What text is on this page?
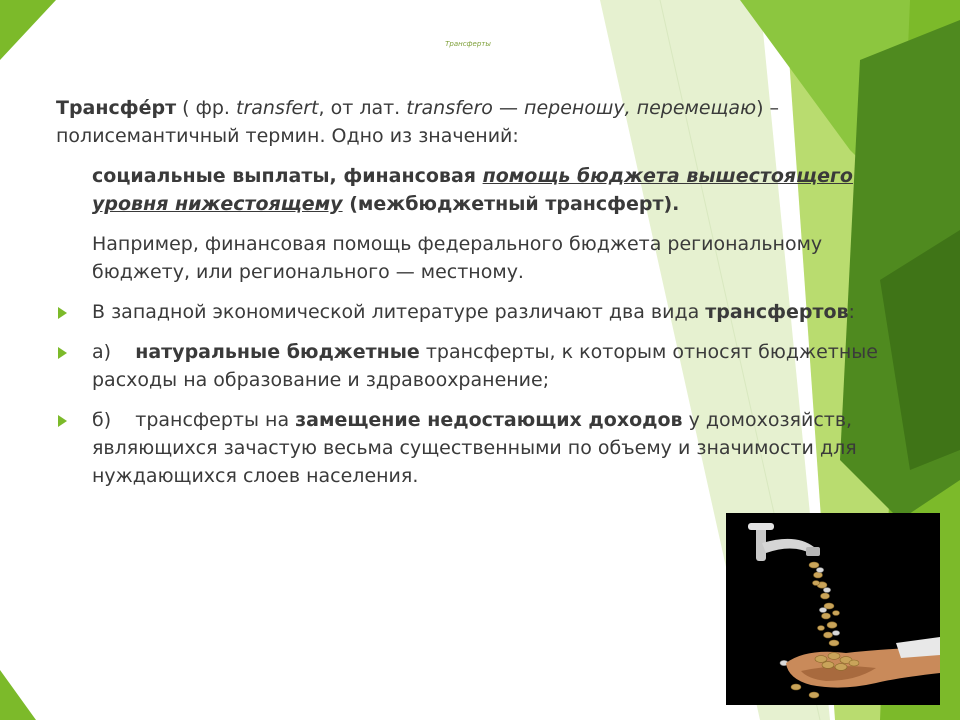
Трансферты

Трансфе́рт ( фр. transfert, от лат. transfero — переношу, перемещаю) – полисемантичный термин. Одно из значений:

социальные выплаты, финансовая помощь бюджета вышестоящего уровня нижестоящему (межбюджетный трансферт).

Например, финансовая помощь федерального бюджета региональному бюджету, или регионального — местному.

В западной экономической литературе различают два вида трансфертов:

а)    натуральные бюджетные трансферты, к которым относят бюджетные расходы на образование и здравоохранение;

б)    трансферты на замещение недостающих доходов у домохозяйств, являющихся зачастую весьма существенными по объему и значимости для нуждающихся слоев населения.
